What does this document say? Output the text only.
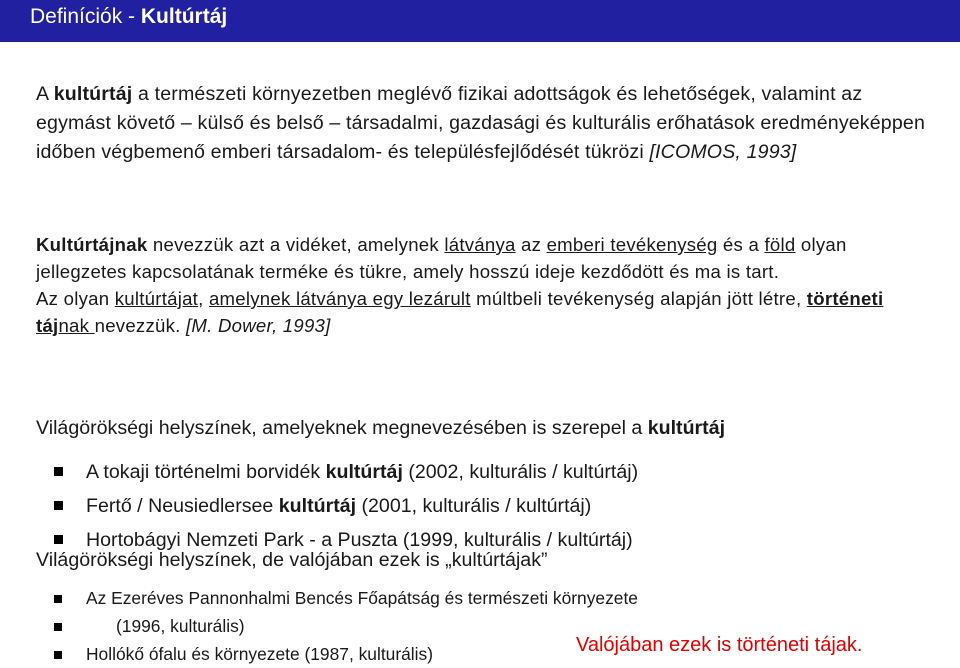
Definíciók - Kultúrtáj
A kultúrtáj a természeti környezetben meglévő fizikai adottságok és lehetőségek, valamint az egymást követő – külső és belső – társadalmi, gazdasági és kulturális erőhatások eredményeképpen időben végbemenő emberi társadalom- és településfejlődését tükrözi [ICOMOS, 1993]
Kultúrtájnak nevezzük azt a vidéket, amelynek látványa az emberi tevékenység és a föld olyan jellegzetes kapcsolatának terméke és tükre, amely hosszú ideje kezdődött és ma is tart.
Az olyan kultúrtájat, amelynek látványa egy lezárult múltbeli tevékenység alapján jött létre, történeti tájnak nevezzük. [M. Dower, 1993]
Világörökségi helyszínek, amelyeknek megnevezésében is szerepel a kultúrtáj
A tokaji történelmi borvidék kultúrtáj (2002, kulturális / kultúrtáj)
Fertő / Neusiedlersee kultúrtáj (2001, kulturális / kultúrtáj)
Hortobágyi Nemzeti Park - a Puszta (1999, kulturális / kultúrtáj)
Világörökségi helyszínek, de valójában ezek is „kultúrtájak”
Az Ezeréves Pannonhalmi Bencés Főapátság és természeti környezete
(1996, kulturális)
Hollókő ófalu és környezete (1987, kulturális)	Valójában ezek is történeti tájak.
